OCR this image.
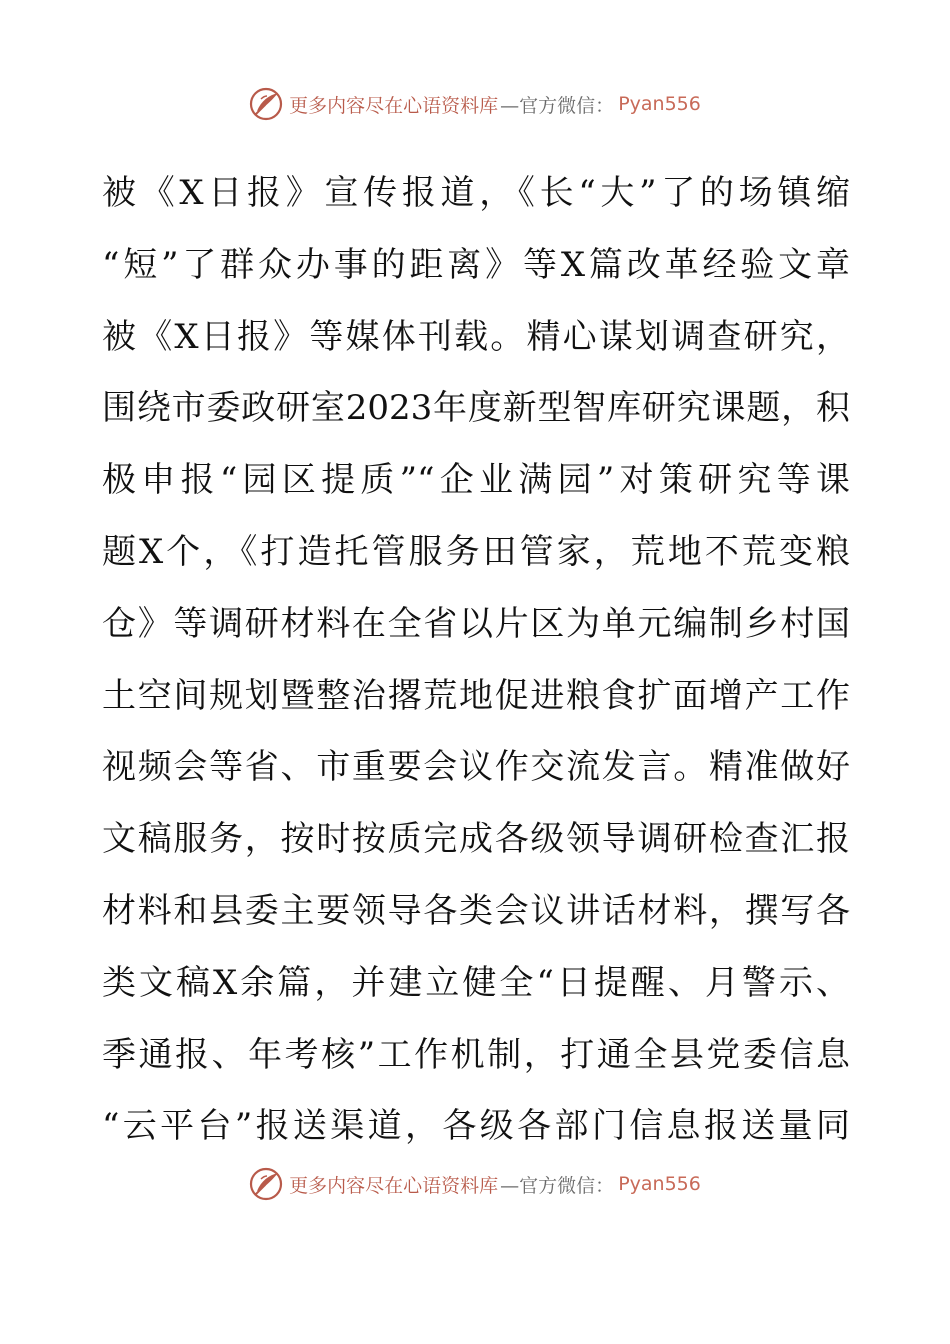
更多内容尽在心语资料库 —官方微信： Pyan556
被《X日报》宣传报道，《长“大”了的场镇缩
“短”了群众办事的距离》等X篇改革经验文章
被《X日报》等媒体刊载。精心谋划调查研究，
围绕市委政研室2023年度新型智库研究课题，积
极申报“园区提质”“企业满园”对策研究等课
题X个，《打造托管服务田管家，荒地不荒变粮
仓》等调研材料在全省以片区为单元编制乡村国
土空间规划暨整治撂荒地促进粮食扩面增产工作
视频会等省、市重要会议作交流发言。精准做好
文稿服务，按时按质完成各级领导调研检查汇报
材料和县委主要领导各类会议讲话材料，撰写各
类文稿X余篇，并建立健全“日提醒、月警示、
季通报、年考核”工作机制，打通全县党委信息
“云平台”报送渠道，各级各部门信息报送量同
更多内容尽在心语资料库 —官方微信： Pyan556
